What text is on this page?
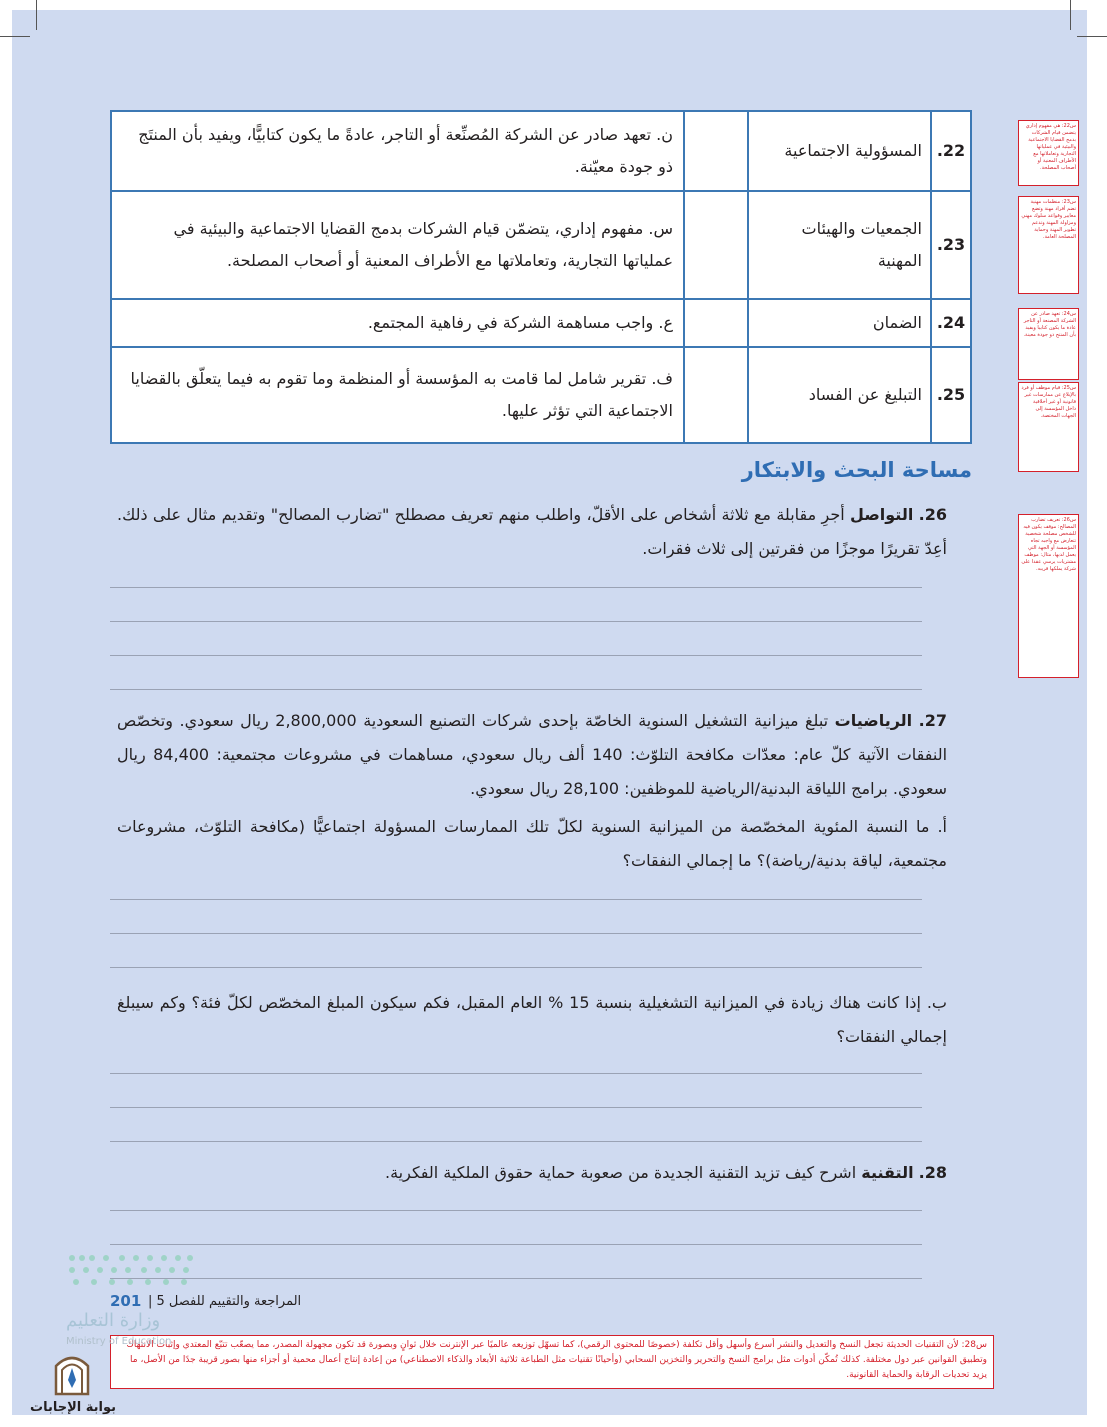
22.	المسؤولية الاجتماعية		ن. تعهد صادر عن الشركة المُصنِّعة أو التاجر، عادةً ما يكون كتابيًّا، ويفيد بأن المنتَج ذو جودة معيّنة.
23.	الجمعيات والهيئات المهنية		س. مفهوم إداري، يتضمّن قيام الشركات بدمج القضايا الاجتماعية والبيئية في عملياتها التجارية، وتعاملاتها مع الأطراف المعنية أو أصحاب المصلحة.
24.	الضمان		ع. واجب مساهمة الشركة في رفاهية المجتمع.
25.	التبليغ عن الفساد		ف. تقرير شامل لما قامت به المؤسسة أو المنظمة وما تقوم به فيما يتعلّق بالقضايا الاجتماعية التي تؤثر عليها.
مساحة البحث والابتكار
26. التواصل أجرِ مقابلة مع ثلاثة أشخاص على الأقلّ، واطلب منهم تعريف مصطلح "تضارب المصالح" وتقديم مثال على ذلك. أعِدّ تقريرًا موجزًا من فقرتين إلى ثلاث فقرات.
27. الرياضيات تبلغ ميزانية التشغيل السنوية الخاصّة بإحدى شركات التصنيع السعودية 2,800,000 ريال سعودي. وتخصّص النفقات الآتية كلّ عام: معدّات مكافحة التلوّث: 140 ألف ريال سعودي، مساهمات في مشروعات مجتمعية: 84,400 ريال سعودي. برامج اللياقة البدنية/الرياضية للموظفين: 28,100 ريال سعودي.
أ. ما النسبة المئوية المخصّصة من الميزانية السنوية لكلّ تلك الممارسات المسؤولة اجتماعيًّا (مكافحة التلوّث، مشروعات مجتمعية، لياقة بدنية/رياضة)؟ ما إجمالي النفقات؟
ب. إذا كانت هناك زيادة في الميزانية التشغيلية بنسبة 15 % العام المقبل، فكم سيكون المبلغ المخصّص لكلّ فئة؟ وكم سيبلغ إجمالي النفقات؟
28. التقنية اشرح كيف تزيد التقنية الجديدة من صعوبة حماية حقوق الملكية الفكرية.
201 المراجعة والتقييم للفصل 5 |
س22: هي مفهوم إداري يتضمن قيام الشركات بدمج القضايا الاجتماعية والبيئية في عملياتها التجارية وتعاملاتها مع الأطراف المعنية أو أصحاب المصلحة.
س23: منظمات مهنية تضم أفراد مهنة وتضع معايير وقواعد سلوك مهني ومزاولة المهنة وتدعم تطوير المهنة وحماية المصلحة العامة.
س24: تعهد صادر عن الشركة المصنعة أو التاجر عادة ما يكون كتابيا ويفيد بأن المنتج ذو جودة معينة.
س25: قيام موظف أو فرد بالإبلاغ عن ممارسات غير قانونية أو غير أخلاقية داخل المؤسسة إلى الجهات المختصة.
س26: تعريف تضارب المصالح: موقف يكون فيه للشخص مصلحة شخصية تتعارض مع واجبه تجاه المؤسسة أو الجهة التي يعمل لديها، مثال: موظف مشتريات يرسي عقدا على شركة يملكها قريبه.
س28: لأن التقنيات الحديثة تجعل النسخ والتعديل والنشر أسرع وأسهل وأقل تكلفة (خصوصًا للمحتوى الرقمي)، كما تسهّل توزيعه عالميًا عبر الإنترنت خلال ثوانٍ وبصورة قد تكون مجهولة المصدر، مما يصعّب تتبّع المعتدي وإثبات الانتهاك وتطبيق القوانين عبر دول مختلفة. كذلك تُمكّن أدوات مثل برامج النسخ والتحرير والتخزين السحابي (وأحيانًا تقنيات مثل الطباعة ثلاثية الأبعاد والذكاء الاصطناعي) من إعادة إنتاج أعمال محمية أو أجزاء منها بصور قريبة جدًا من الأصل، ما يزيد تحديات الرقابة والحماية القانونية.
وزارة التعليم
Ministry of Education
بوابة الإجابات
